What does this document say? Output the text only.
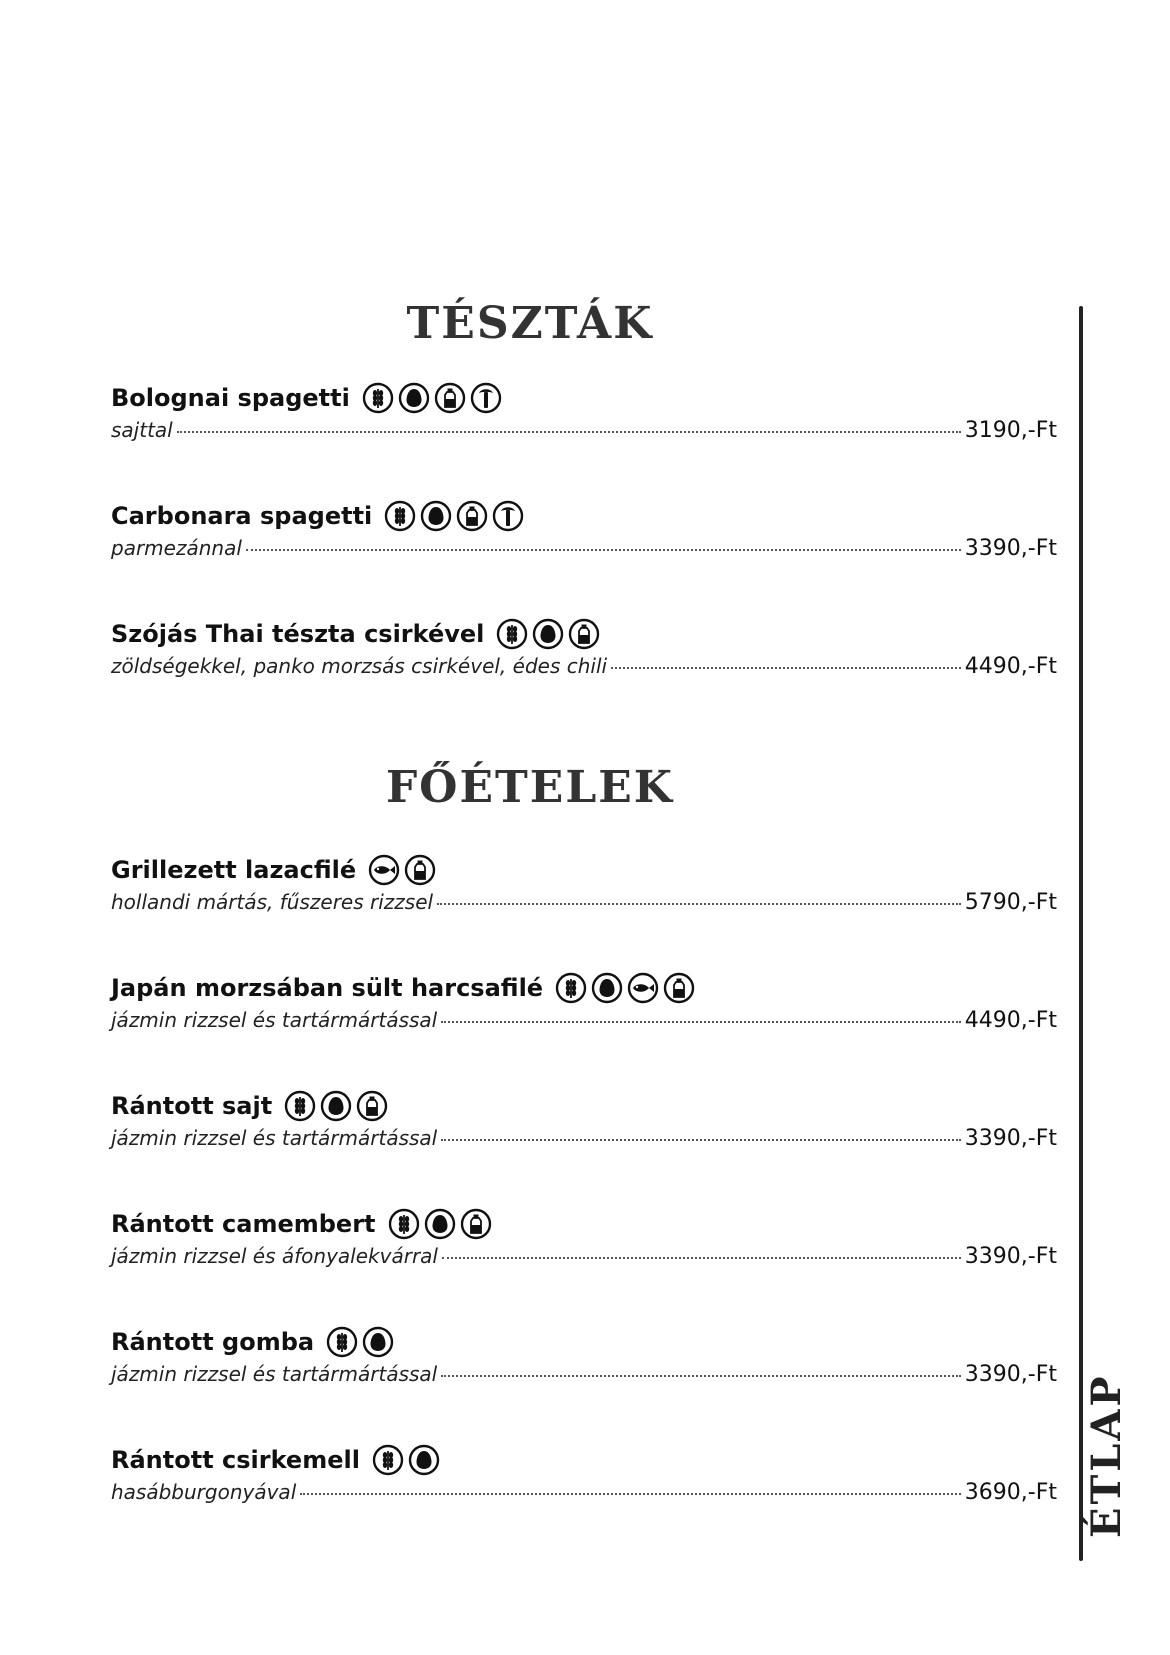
TÉSZTÁK
FŐÉTELEK
Bolognai spagetti
sajttal	3190,-Ft
Carbonara spagetti
parmezánnal	3390,-Ft
Szójás Thai tészta csirkével
zöldségekkel, panko morzsás csirkével, édes chili	4490,-Ft
Grillezett lazacfilé
hollandi mártás, fűszeres rizzsel	5790,-Ft
Japán morzsában sült harcsafilé
jázmin rizzsel és tartármártással	4490,-Ft
Rántott sajt
jázmin rizzsel és tartármártással	3390,-Ft
Rántott camembert
jázmin rizzsel és áfonyalekvárral	3390,-Ft
Rántott gomba
jázmin rizzsel és tartármártással	3390,-Ft
Rántott csirkemell
hasábburgonyával	3690,-Ft ÉTLAP
